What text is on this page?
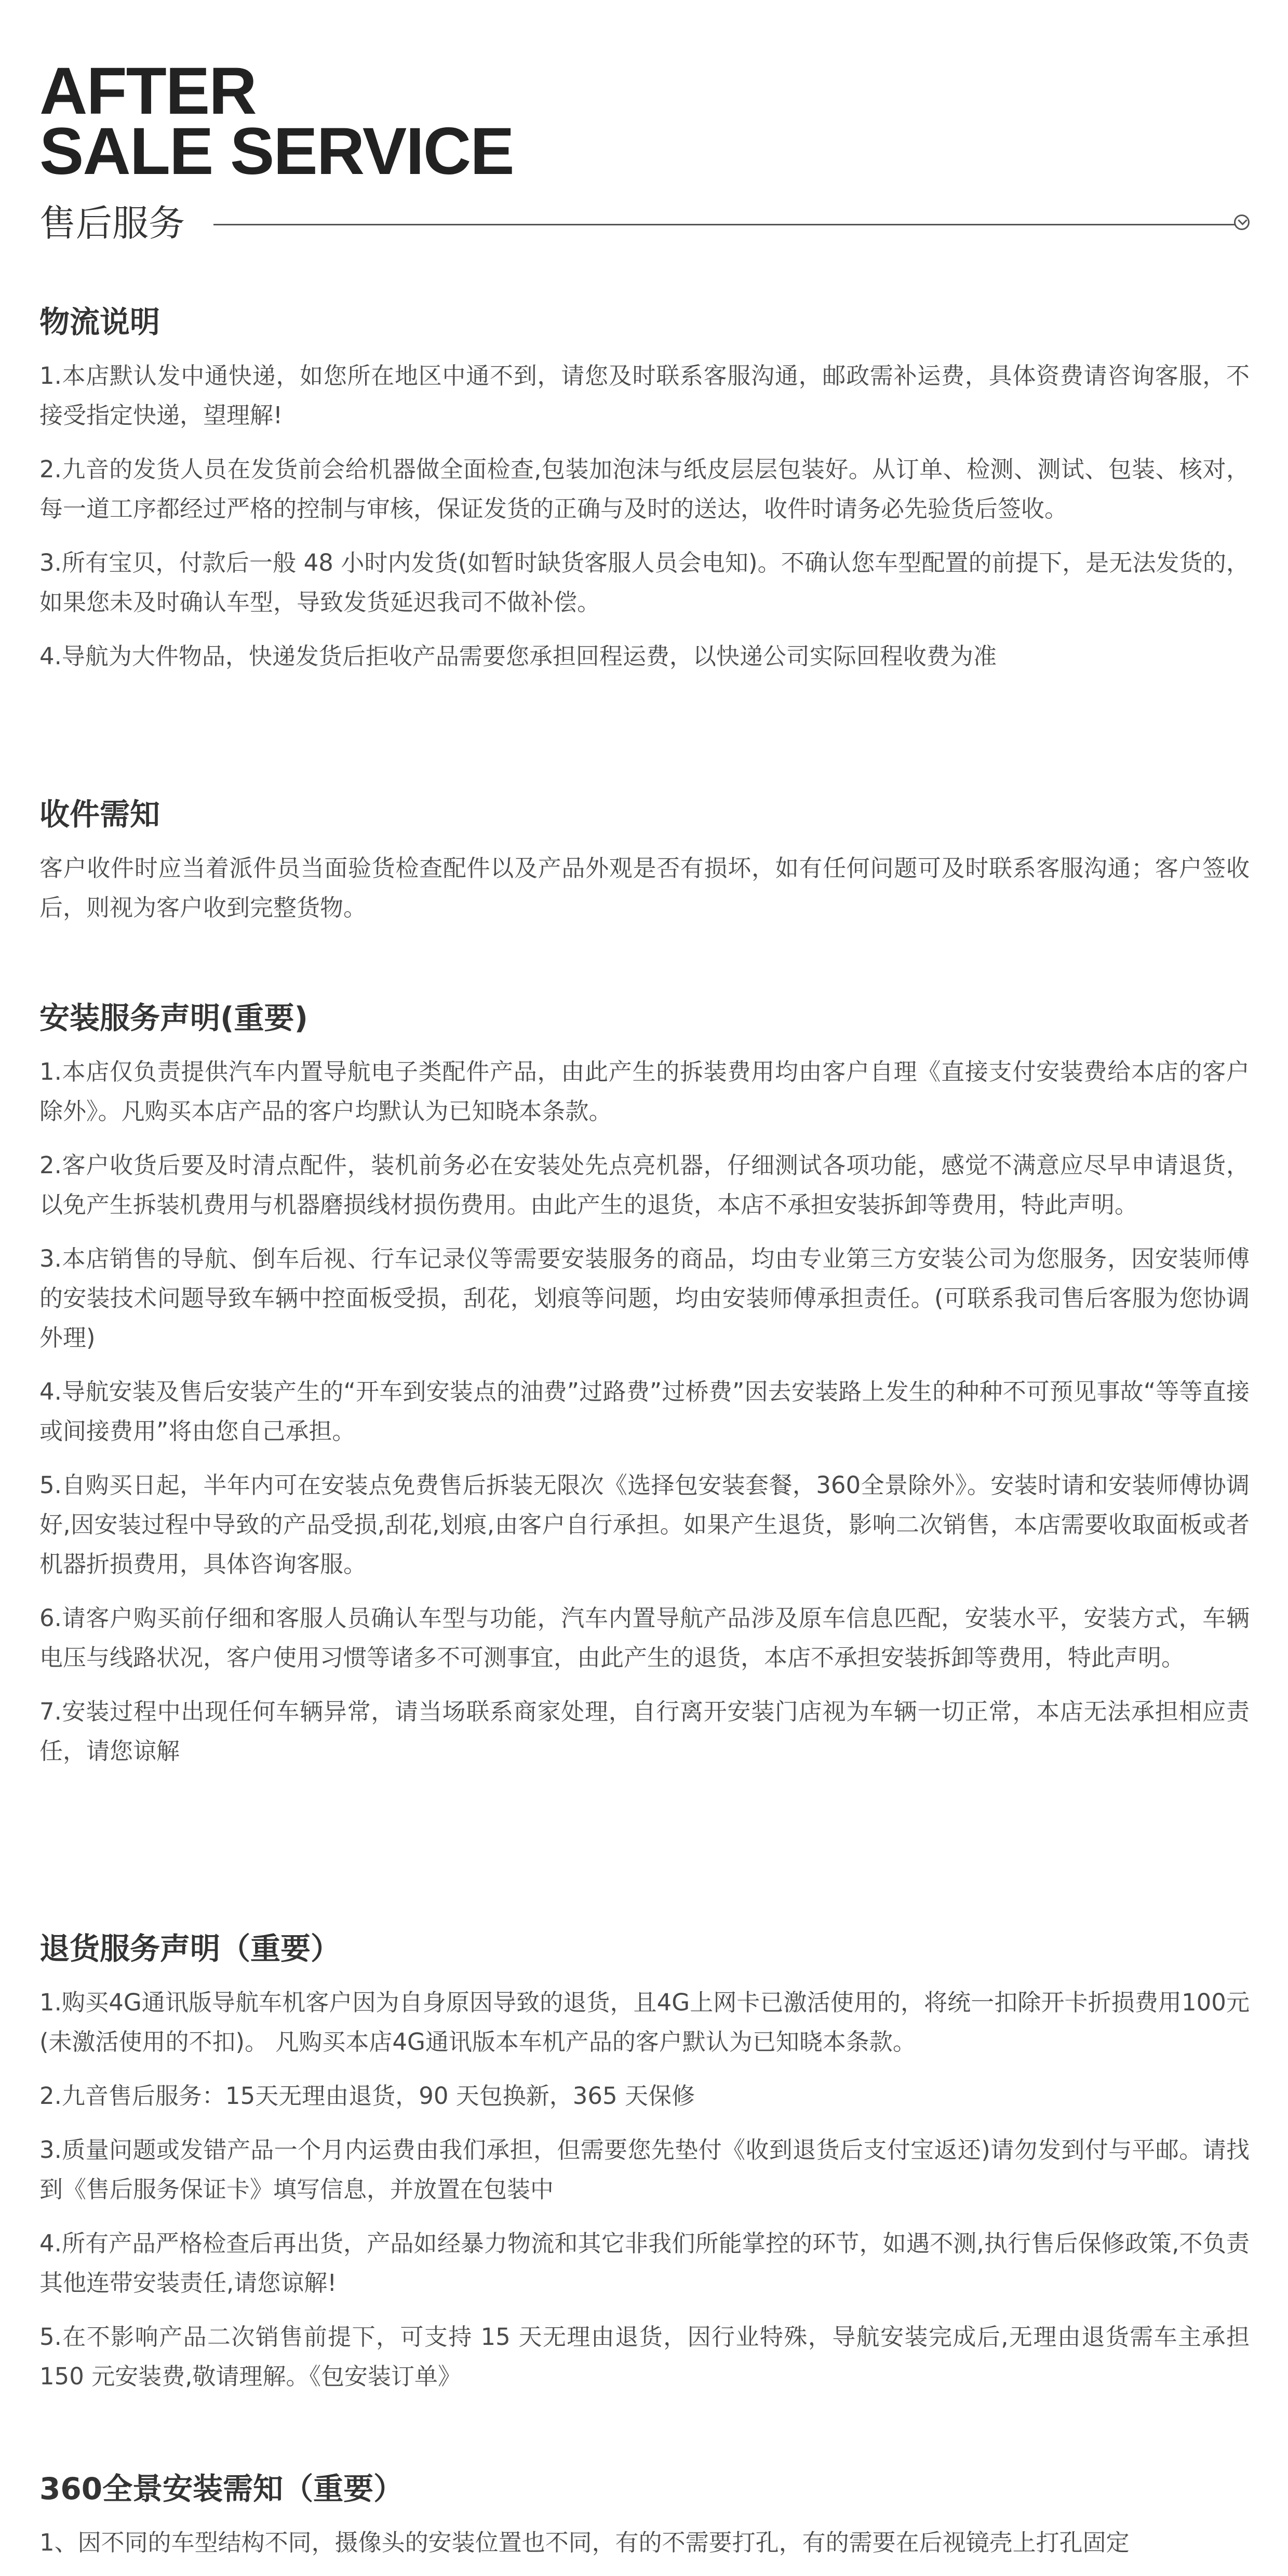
AFTER
SALE SERVICE
售后服务
物流说明

1.本店默认发中通快递，如您所在地区中通不到，请您及时联系客服沟通，邮政需补运费，具体资费请咨询客服，不接受指定快递，望理解!

2.九音的发货人员在发货前会给机器做全面检查,包装加泡沫与纸皮层层包装好。从订单、检测、测试、包装、核对，每一道工序都经过严格的控制与审核，保证发货的正确与及时的送达，收件时请务必先验货后签收。

3.所有宝贝，付款后一般 48 小时内发货(如暂时缺货客服人员会电知)。不确认您车型配置的前提下，是无法发货的，如果您未及时确认车型，导致发货延迟我司不做补偿。

4.导航为大件物品，快递发货后拒收产品需要您承担回程运费，以快递公司实际回程收费为准

收件需知

客户收件时应当着派件员当面验货检查配件以及产品外观是否有损坏，如有任何问题可及时联系客服沟通；客户签收后，则视为客户收到完整货物。

安装服务声明(重要)

1.本店仅负责提供汽车内置导航电子类配件产品，由此产生的拆装费用均由客户自理《直接支付安装费给本店的客户除外》。凡购买本店产品的客户均默认为已知晓本条款。

2.客户收货后要及时清点配件，装机前务必在安装处先点亮机器，仔细测试各项功能，感觉不满意应尽早申请退货，以免产生拆装机费用与机器磨损线材损伤费用。由此产生的退货，本店不承担安装拆卸等费用，特此声明。

3.本店销售的导航、倒车后视、行车记录仪等需要安装服务的商品，均由专业第三方安装公司为您服务，因安装师傅的安装技术问题导致车辆中控面板受损，刮花，划痕等问题，均由安装师傅承担责任。(可联系我司售后客服为您协调外理)

4.导航安装及售后安装产生的“开车到安装点的油费”过路费”过桥费”因去安装路上发生的种种不可预见事故“等等直接或间接费用”将由您自己承担。

5.自购买日起，半年内可在安装点免费售后拆装无限次《选择包安装套餐，360全景除外》。安装时请和安装师傅协调好,因安装过程中导致的产品受损,刮花,划痕,由客户自行承担。如果产生退货，影响二次销售，本店需要收取面板或者机器折损费用，具体咨询客服。

6.请客户购买前仔细和客服人员确认车型与功能，汽车内置导航产品涉及原车信息匹配，安装水平，安装方式，车辆电压与线路状况，客户使用习惯等诸多不可测事宜，由此产生的退货，本店不承担安装拆卸等费用，特此声明。

7.安装过程中出现任何车辆异常，请当场联系商家处理，自行离开安装门店视为车辆一切正常，本店无法承担相应责任，请您谅解

退货服务声明（重要）

1.购买4G通讯版导航车机客户因为自身原因导致的退货，且4G上网卡已激活使用的，将统一扣除开卡折损费用100元(未激活使用的不扣)。 凡购买本店4G通讯版本车机产品的客户默认为已知晓本条款。

2.九音售后服务：15天无理由退货，90 天包换新，365 天保修

3.质量问题或发错产品一个月内运费由我们承担，但需要您先垫付《收到退货后支付宝返还)请勿发到付与平邮。请找到《售后服务保证卡》填写信息，并放置在包装中

4.所有产品严格检查后再出货，产品如经暴力物流和其它非我们所能掌控的环节，如遇不测,执行售后保修政策,不负责其他连带安装责任,请您谅解!

5.在不影响产品二次销售前提下，可支持 15 天无理由退货，因行业特殊，导航安装完成后,无理由退货需车主承担 150 元安装费,敬请理解。《包安装订单》

360全景安装需知（重要）

1、因不同的车型结构不同，摄像头的安装位置也不同，有的不需要打孔，有的需要在后视镜壳上打孔固定
